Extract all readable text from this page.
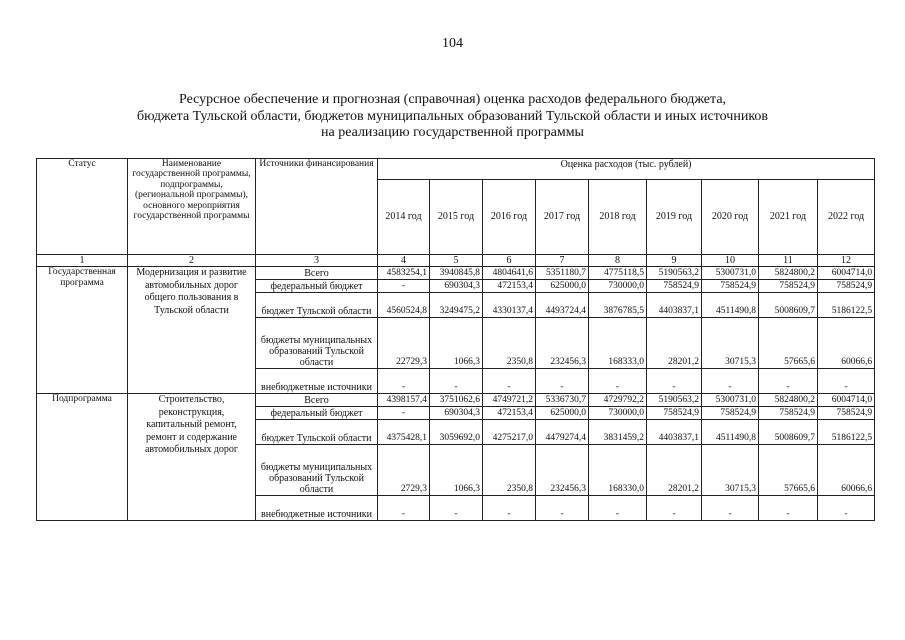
104
Ресурсное обеспечение и прогнозная (справочная) оценка расходов федерального бюджета,
бюджета Тульской области, бюджетов муниципальных образований Тульской области и иных источников
на реализацию государственной программы
Статус	Наименование государственной программы, подпрограммы, (региональной программы), основного мероприятия государственной программы	Источники финансирования	Оценка расходов (тыс. рублей)								
			2014 год	2015 год	2016 год	2017 год	2018 год	2019 год	2020 год	2021 год	2022 год
1	2	3	4	5	6	7	8	9	10	11	12
Государственная программа	Модернизация и развитие автомобильных дорог общего пользования в Тульской области	Всего	4583254,1	3940845,8	4804641,6	5351180,7	4775118,5	5190563,2	5300731,0	5824800,2	6004714,0
		федеральный бюджет	-	690304,3	472153,4	625000,0	730000,0	758524,9	758524,9	758524,9	758524,9
		бюджет Тульской области	4560524,8	3249475,2	4330137,4	4493724,4	3876785,5	4403837,1	4511490,8	5008609,7	5186122,5
		бюджеты муниципальных образований Тульской области	22729,3	1066,3	2350,8	232456,3	168333,0	28201,2	30715,3	57665,6	60066,6
		внебюджетные источники	-	-	-	-	-	-	-	-	-
Подпрограмма	Строительство, реконструкция, капитальный ремонт, ремонт и содержание автомобильных дорог	Всего	4398157,4	3751062,6	4749721,2	5336730,7	4729792,2	5190563,2	5300731,0	5824800,2	6004714,0
		федеральный бюджет	-	690304,3	472153,4	625000,0	730000,0	758524,9	758524,9	758524,9	758524,9
		бюджет Тульской области	4375428,1	3059692,0	4275217,0	4479274,4	3831459,2	4403837,1	4511490,8	5008609,7	5186122,5
		бюджеты муниципальных образований Тульской области	2729,3	1066,3	2350,8	232456,3	168330,0	28201,2	30715,3	57665,6	60066,6
		внебюджетные источники	-	-	-	-	-	-	-	-	-
